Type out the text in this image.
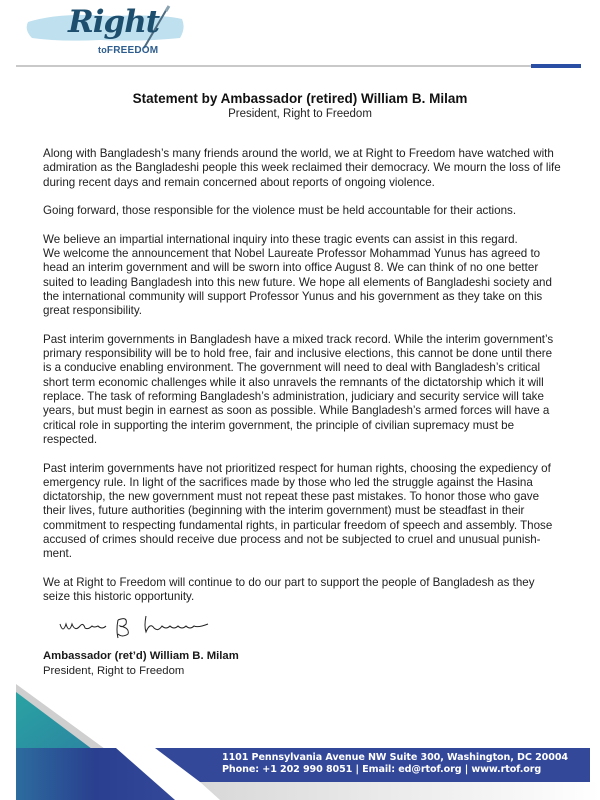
Right
toFREEDOM
Statement by Ambassador (retired) William B. Milam
President, Right to Freedom

Along with Bangladesh’s many friends around the world, we at Right to Freedom have watched with admiration as the Bangladeshi people this week reclaimed their democracy. We mourn the loss of life during recent days and remain concerned about reports of ongoing violence.

Going forward, those responsible for the violence must be held accountable for their actions.

We believe an impartial international inquiry into these tragic events can assist in this regard.

We welcome the announcement that Nobel Laureate Professor Mohammad Yunus has agreed to head an interim government and will be sworn into office August 8. We can think of no one better suited to leading Bangladesh into this new future. We hope all elements of Bangladeshi society and the international community will support Professor Yunus and his government as they take on this great responsibility.

Past interim governments in Bangladesh have a mixed track record. While the interim government’s primary responsibility will be to hold free, fair and inclusive elections, this cannot be done until there is a conducive enabling environment. The government will need to deal with Bangladesh’s critical short term economic challenges while it also unravels the remnants of the dictatorship which it will replace. The task of reforming Bangladesh’s administration, judiciary and security service will take years, but must begin in earnest as soon as possible. While Bangladesh’s armed forces will have a critical role in supporting the interim government, the principle of civilian supremacy must be respected.

Past interim governments have not prioritized respect for human rights, choosing the expediency of emergency rule. In light of the sacrifices made by those who led the struggle against the Hasina dictatorship, the new government must not repeat these past mistakes. To honor those who gave their lives, future authorities (beginning with the interim government) must be steadfast in their commitment to respecting fundamental rights, in particular freedom of speech and assembly. Those accused of crimes should receive due process and not be subjected to cruel and unusual punish-ment.

We at Right to Freedom will continue to do our part to support the people of Bangladesh as they seize this historic opportunity.

Ambassador (ret’d) William B. Milam
President, Right to Freedom
1101 Pennsylvania Avenue NW Suite 300, Washington, DC 20004
Phone: +1 202 990 8051 | Email: ed@rtof.org | www.rtof.org
